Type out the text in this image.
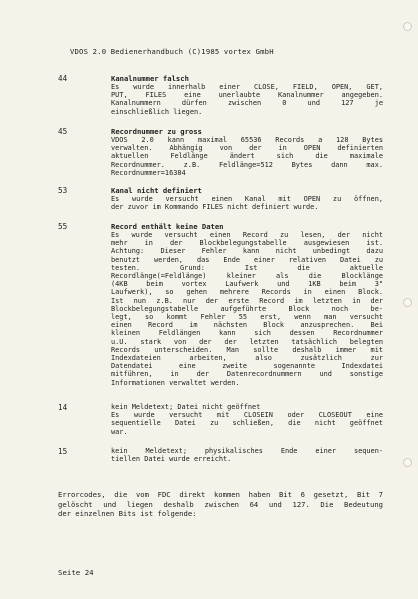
VDOS 2.0 Bedienerhandbuch (C)1985 vortex GmbH
44	Kanalnummer falsch
Es wurde innerhalb einer CLOSE, FIELD, OPEN, GET,
PUT, FILES eine unerlaubte Kanalnummer angegeben.
Kanalnummern dürfen zwischen 0 und 127 je
einschließlich liegen.
45	Recordnummer zu gross
VDOS 2.0 kann maximal 65536 Records a 128 Bytes
verwalten. Abhängig von der in OPEN definierten
aktuellen Feldlänge ändert sich die maximale
Recordnummer. z.B. Feldlänge=512 Bytes dann max.
Recordnummer=16384
53	Kanal nicht definiert
Es wurde versucht einen Kanal mit OPEN zu öffnen,
der zuvor im Kommando FILES nicht definiert wurde.
55	Record enthält keine Daten
Es wurde versucht einen Record zu lesen, der nicht
mehr in der Blockbelegungstabelle ausgewiesen ist.
Achtung: Dieser Fehler kann nicht unbedingt dazu
benutzt werden, das Ende einer relativen Datei zu
testen. Grund: Ist die aktuelle
Recordlänge(=Feldlänge) kleiner als die Blocklänge
(4KB beim vortex Laufwerk und 1KB beim 3"
Laufwerk), so gehen mehrere Records in einen Block.
Ist nun z.B. nur der erste Record im letzten in der
Blockbelegungstabelle aufgeführte Block noch be-
legt, so kommt Fehler 55 erst, wenn man versucht
einen Record im nächsten Block anzusprechen. Bei
kleinen Feldlängen kann sich dessen Recordnummer
u.U. stark von der der letzten tatsächlich belegten
Records unterscheiden. Man sollte deshalb immer mit
Indexdateien arbeiten, also zusätzlich zur
Datendatei eine zweite sogenannte Indexdatei
mitführen, in der Datenrecordnummern und sonstige
Informationen verwaltet werden.
14	kein Meldetext; Datei nicht geöffnet
Es wurde versucht mit CLOSEIN oder CLOSEOUT eine
sequentielle Datei zu schließen, die nicht geöffnet
war.
15	kein Meldetext; physikalisches Ende einer sequen-
tiellen Datei wurde erreicht.
Errorcodes, die vom FDC direkt kommen haben Bit 6 gesetzt, Bit 7
gelöscht und liegen deshalb zwischen 64 und 127. Die Bedeutung
der einzelnen Bits ist folgende:
Seite 24
